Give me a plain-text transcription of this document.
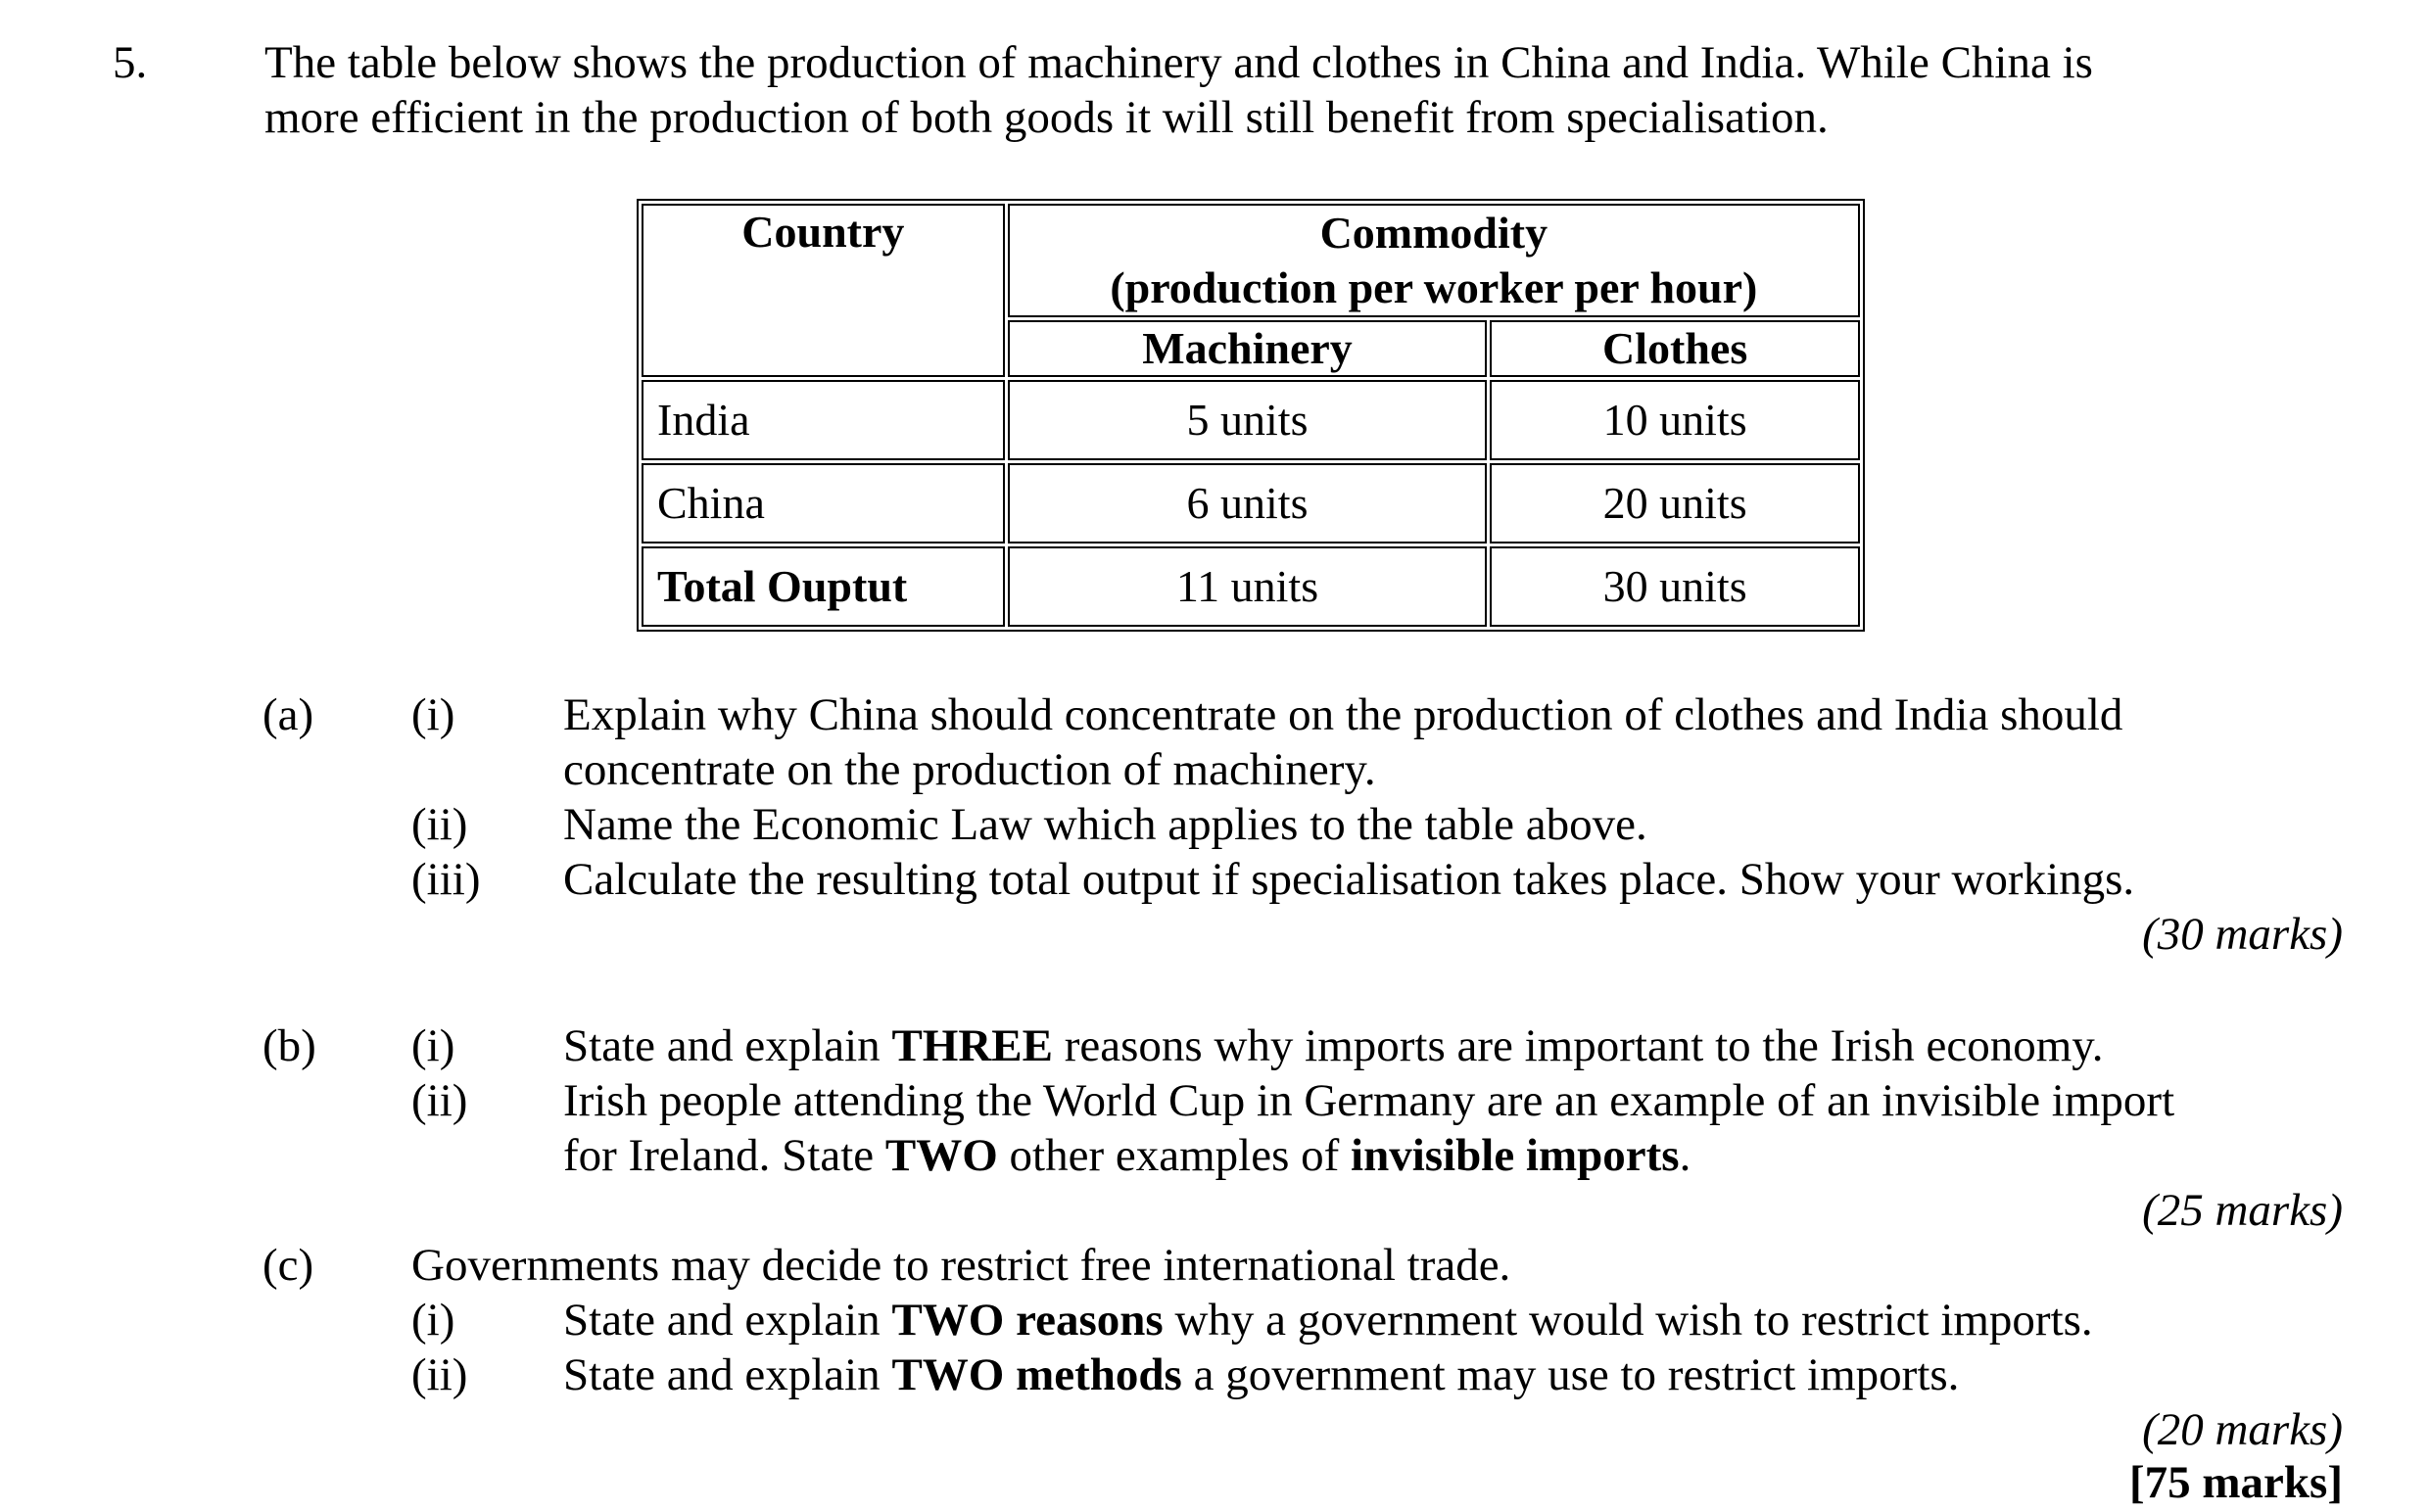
5.	The table below shows the production of machinery and clothes in China and India. While China is
more efficient in the production of both goods it will still benefit from specialisation.
Country	Commodity
(production per worker per hour)	

	Machinery	Clothes
India	5 units	10 units
China	6 units	20 units
Total Ouptut	11 units	30 units
(a) (i) Explain why China should concentrate on the production of clothes and India should
concentrate on the production of machinery.
(ii) Name the Economic Law which applies to the table above.
(iii) Calculate the resulting total output if specialisation takes place. Show your workings.
(30 marks)
(b) (i) State and explain THREE reasons why imports are important to the Irish economy.
(ii) Irish people attending the World Cup in Germany are an example of an invisible import
for Ireland. State TWO other examples of invisible imports.
(25 marks)
(c) Governments may decide to restrict free international trade.
(i) State and explain TWO reasons why a government would wish to restrict imports.
(ii) State and explain TWO methods a government may use to restrict imports.
(20 marks)
[75 marks]
